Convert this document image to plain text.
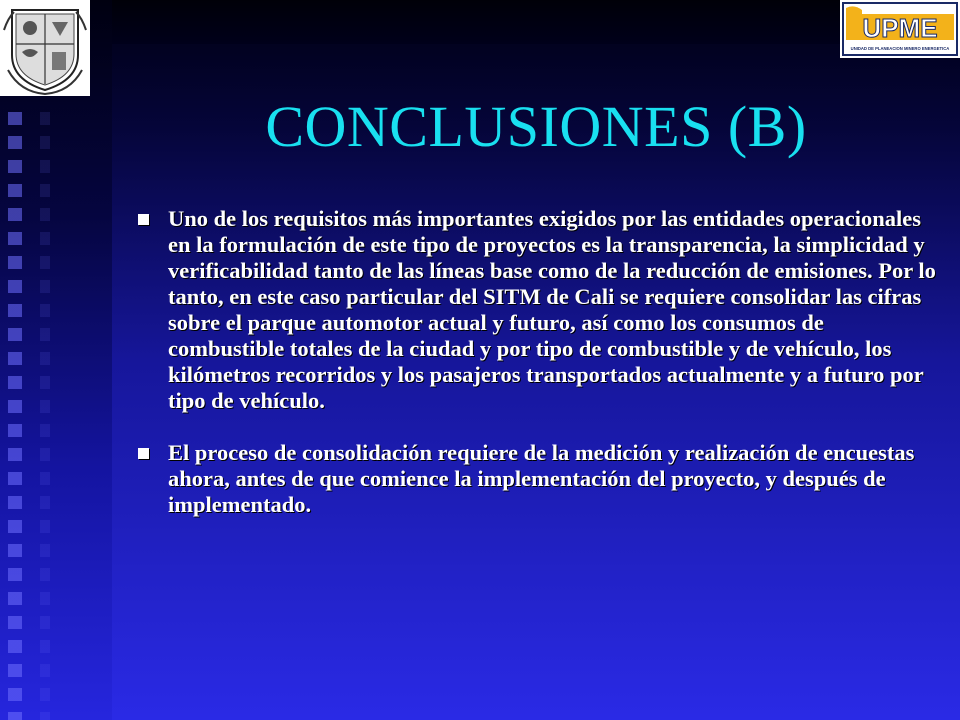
UPME
UNIDAD DE PLANEACION MINERO ENERGETICA
CONCLUSIONES (B)
Uno de los requisitos más importantes exigidos por las entidades operacionales en la formulación de este tipo de proyectos es la transparencia, la simplicidad y verificabilidad tanto de las líneas base como de la reducción de emisiones. Por lo tanto, en este caso particular del SITM de Cali se requiere consolidar las cifras sobre el parque automotor actual y futuro, así como los consumos de combustible totales de la ciudad y por tipo de combustible y de vehículo, los kilómetros recorridos y los pasajeros transportados actualmente y a futuro por tipo de vehículo.
El proceso de consolidación requiere de la medición y realización de encuestas ahora, antes de que comience la implementación del proyecto, y después de implementado.
